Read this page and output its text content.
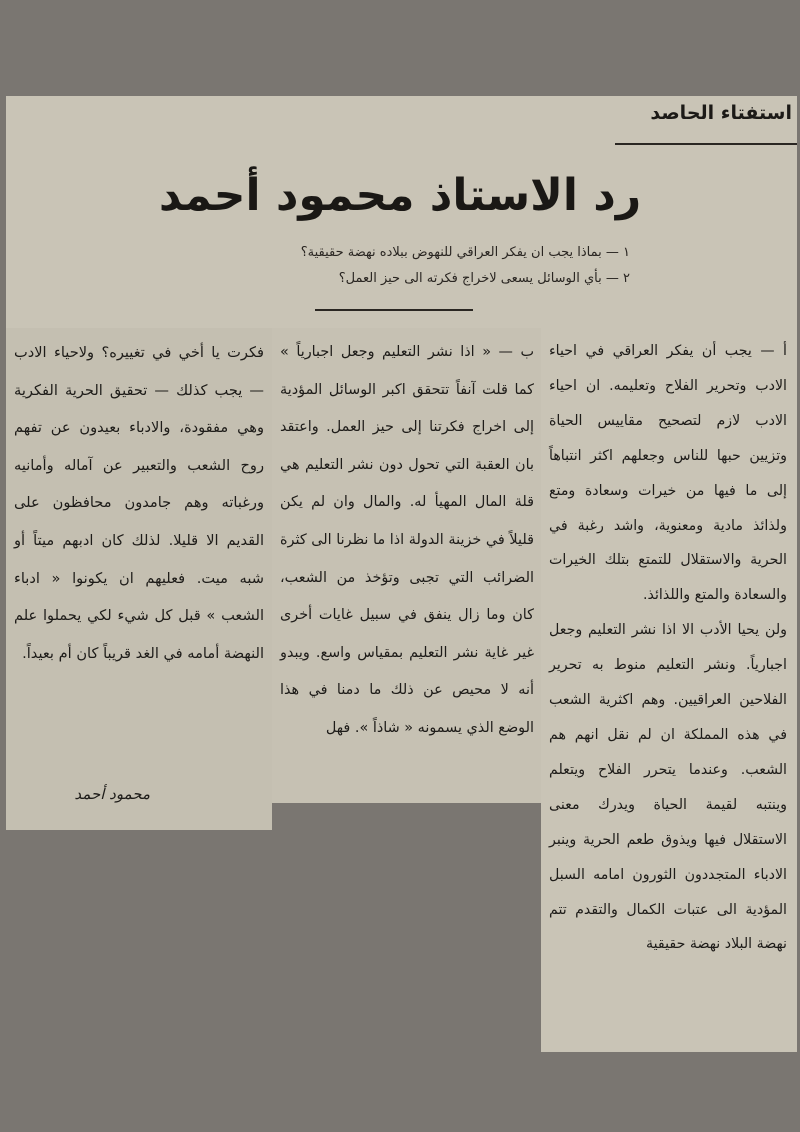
استفتاء الحاصد
رد الاستاذ محمود أحمد
١ — بماذا يجب ان يفكر العراقي للنهوض ببلاده نهضة حقيقية؟
٢ — بأي الوسائل يسعى لاخراج فكرته الى حيز العمل؟

أ — يجب أن يفكر العراقي في احياء الادب وتحرير الفلاح وتعليمه. ان احياء الادب لازم لتصحيح مقاييس الحياة وتزيين حبها للناس وجعلهم اكثر انتباهاً إلى ما فيها من خيرات وسعادة ومتع ولذائذ مادية ومعنوية، واشد رغبة في الحرية والاستقلال للتمتع بتلك الخيرات والسعادة والمتع واللذائذ.

ولن يحيا الأدب الا اذا نشر التعليم وجعل اجبارياً. ونشر التعليم منوط به تحرير الفلاحين العراقيين. وهم اكثرية الشعب في هذه المملكة ان لم نقل انهم هم الشعب. وعندما يتحرر الفلاح ويتعلم وينتبه لقيمة الحياة ويدرك معنى الاستقلال فيها ويذوق طعم الحرية وينبر الادباء المتجددون الثورون امامه السبل المؤدية الى عتبات الكمال والتقدم تتم نهضة البلاد نهضة حقيقية

ب — « اذا نشر التعليم وجعل اجبارياً » كما قلت آنفاً تتحقق اكبر الوسائل المؤدية إلى اخراج فكرتنا إلى حيز العمل. واعتقد بان العقبة التي تحول دون نشر التعليم هي قلة المال المهيأ له. والمال وان لم يكن قليلاً في خزينة الدولة اذا ما نظرنا الى كثرة الضرائب التي تجبى وتؤخذ من الشعب، كان وما زال ينفق في سبيل غايات أخرى غير غاية نشر التعليم بمقياس واسع. ويبدو أنه لا محيص عن ذلك ما دمنا في هذا الوضع الذي يسمونه « شاذاً ». فهل

فكرت يا أخي في تغييره؟ ولاحياء الادب — يجب كذلك — تحقيق الحرية الفكرية وهي مفقودة، والادباء بعيدون عن تفهم روح الشعب والتعبير عن آماله وأمانيه ورغباته وهم جامدون محافظون على القديم الا قليلا. لذلك كان ادبهم ميتاً أو شبه ميت. فعليهم ان يكونوا « ادباء الشعب » قبل كل شيء لكي يحملوا علم النهضة أمامه في الغد قريباً كان أم بعيداً.

محمود أحمد
